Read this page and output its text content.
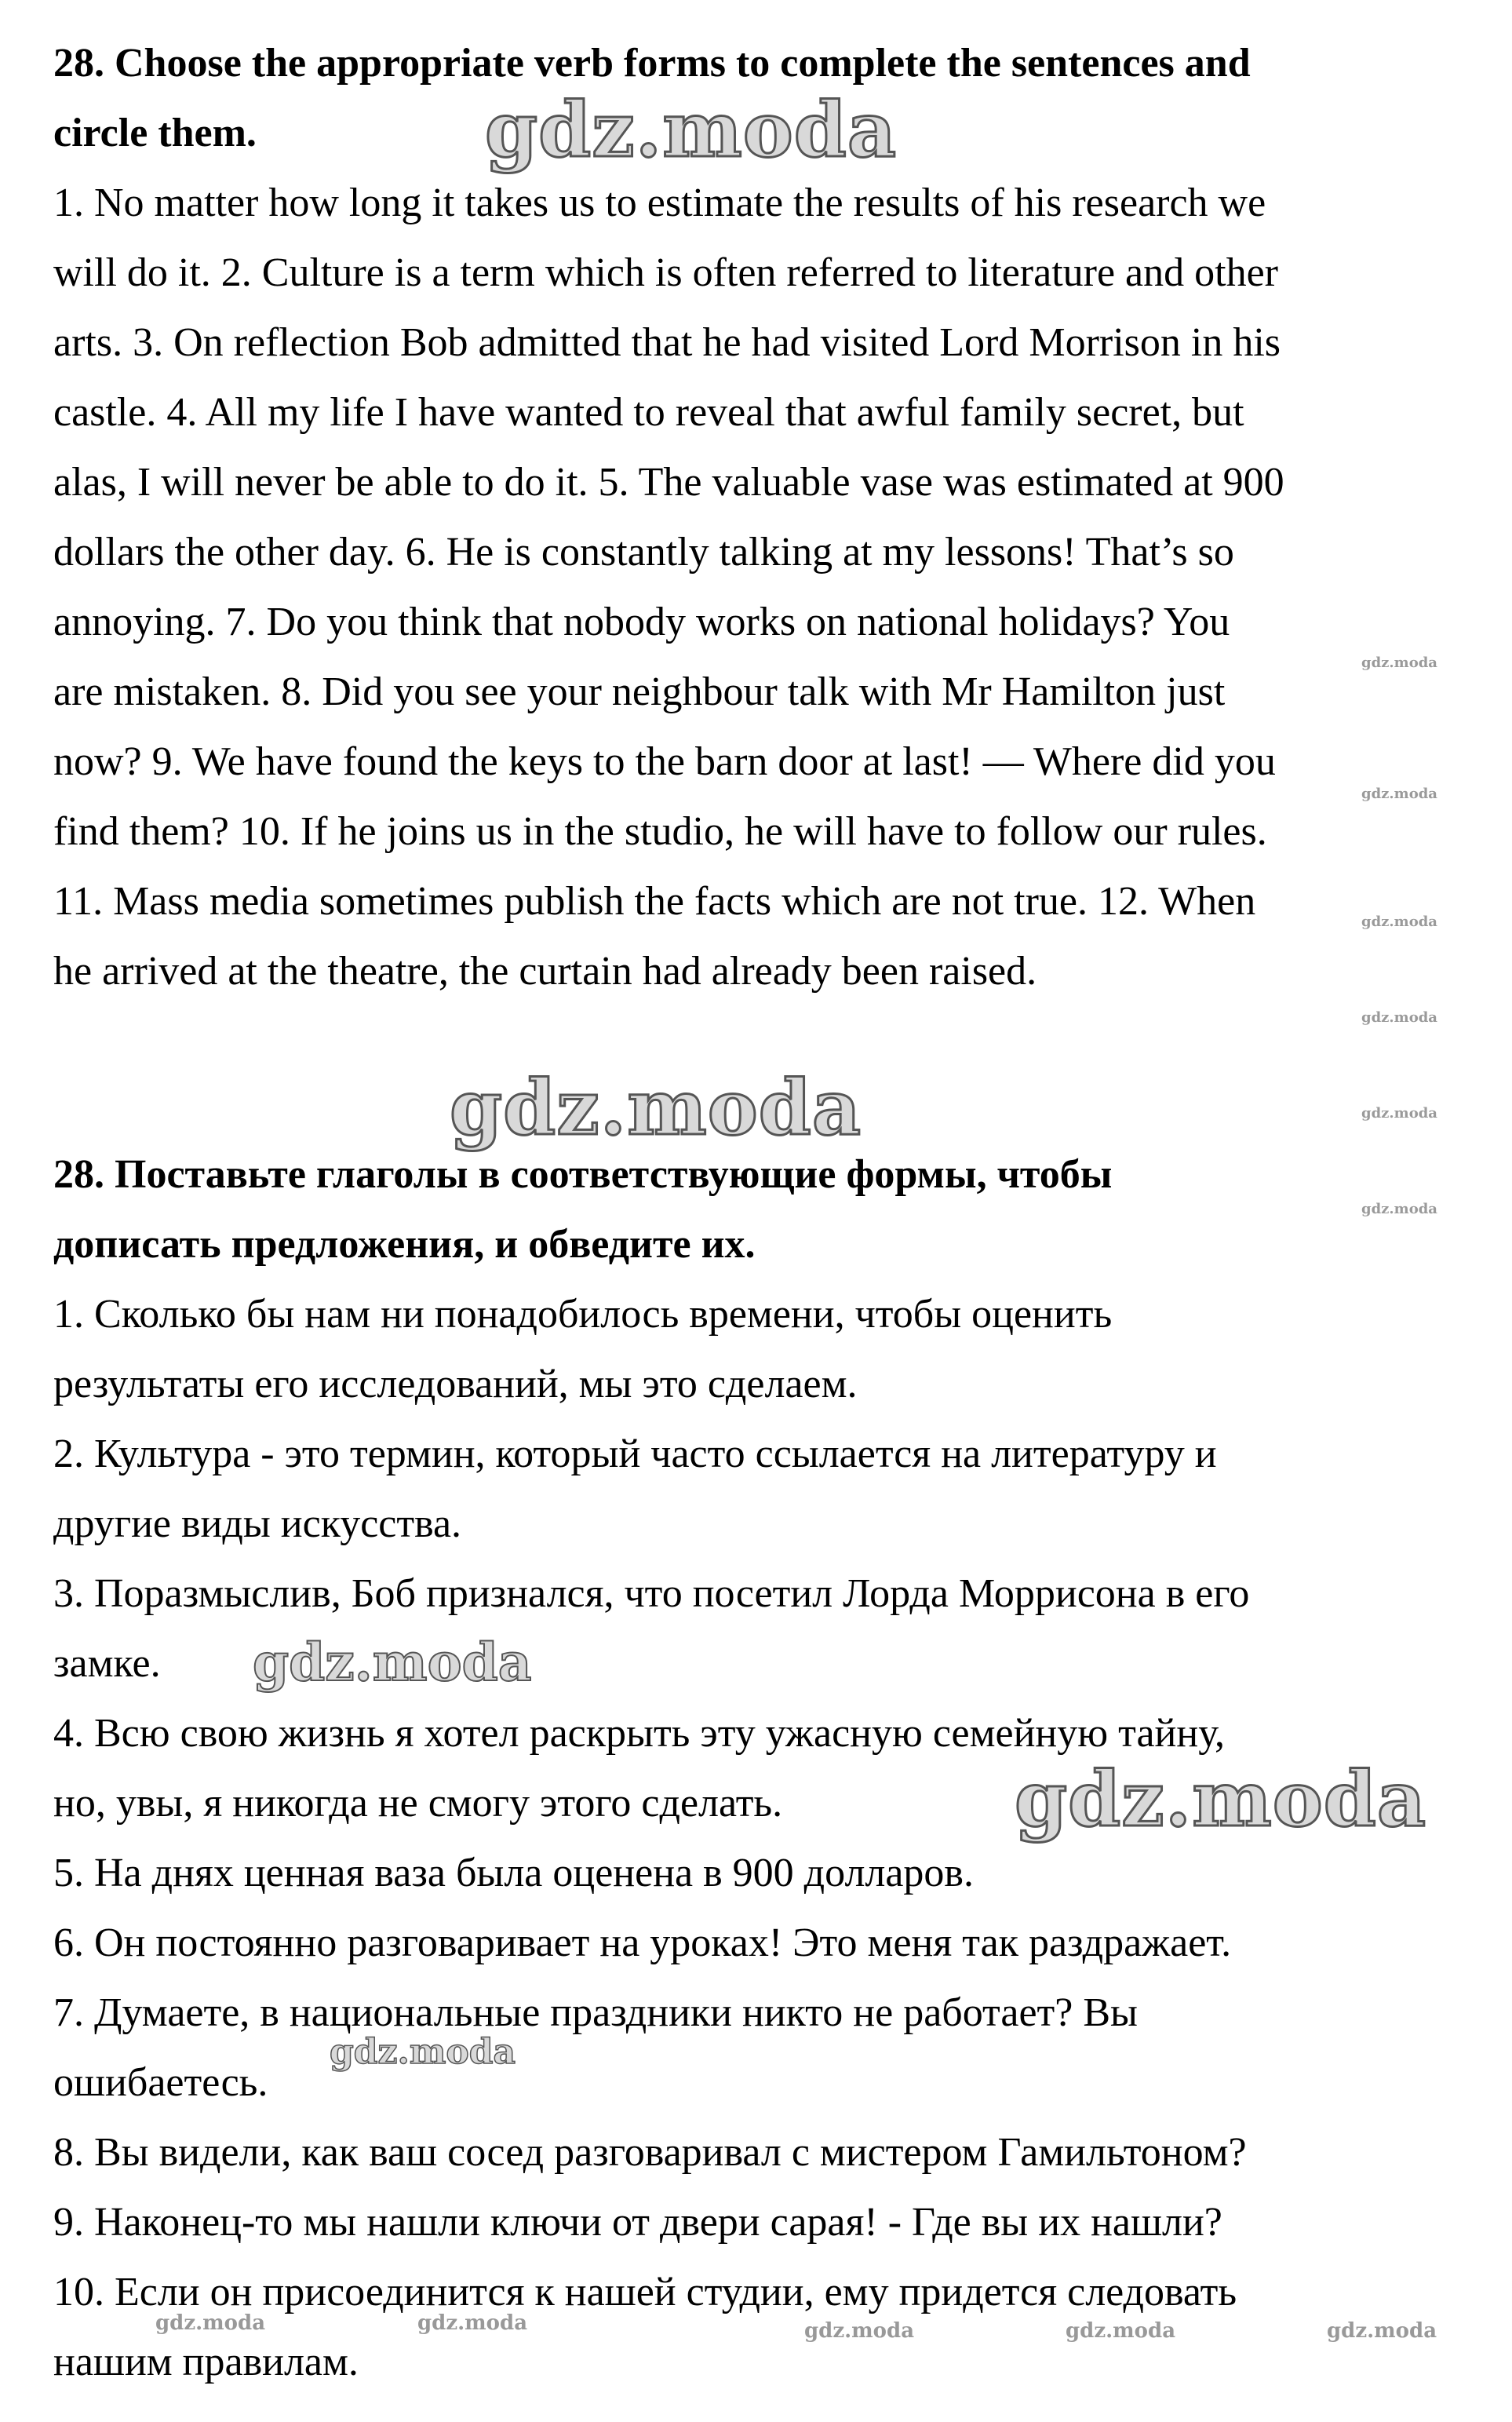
28. Choose the appropriate verb forms to complete the sentences and
circle them.
1. No matter how long it takes us to estimate the results of his research we
will do it. 2. Culture is a term which is often referred to literature and other
arts. 3. On reflection Bob admitted that he had visited Lord Morrison in his
castle. 4. All my life I have wanted to reveal that awful family secret, but
alas, I will never be able to do it. 5. The valuable vase was estimated at 900
dollars the other day. 6. He is constantly talking at my lessons! That’s so
annoying. 7. Do you think that nobody works on national holidays? You
are mistaken. 8. Did you see your neighbour talk with Mr Hamilton just
now? 9. We have found the keys to the barn door at last! — Where did you
find them? 10. If he joins us in the studio, he will have to follow our rules.
11. Mass media sometimes publish the facts which are not true. 12. When
he arrived at the theatre, the curtain had already been raised.
28. Поставьте глаголы в соответствующие формы, чтобы
дописать предложения, и обведите их.
1. Сколько бы нам ни понадобилось времени, чтобы оценить
результаты его исследований, мы это сделаем.
2. Культура - это термин, который часто ссылается на литературу и
другие виды искусства.
3. Поразмыслив, Боб признался, что посетил Лорда Моррисона в его
замке.
4. Всю свою жизнь я хотел раскрыть эту ужасную семейную тайну,
но, увы, я никогда не смогу этого сделать.
5. На днях ценная ваза была оценена в 900 долларов.
6. Он постоянно разговаривает на уроках! Это меня так раздражает.
7. Думаете, в национальные праздники никто не работает? Вы
ошибаетесь.
8. Вы видели, как ваш сосед разговаривал с мистером Гамильтоном?
9. Наконец-то мы нашли ключи от двери сарая! - Где вы их нашли?
10. Если он присоединится к нашей студии, ему придется следовать
нашим правилам.
gdz.moda
gdz.moda
gdz.moda
gdz.moda
gdz.moda
gdz.moda
gdz.moda
gdz.moda
gdz.moda
gdz.moda
gdz.moda
gdz.moda	gdz.moda	gdz.moda	gdz.moda	gdz.moda
